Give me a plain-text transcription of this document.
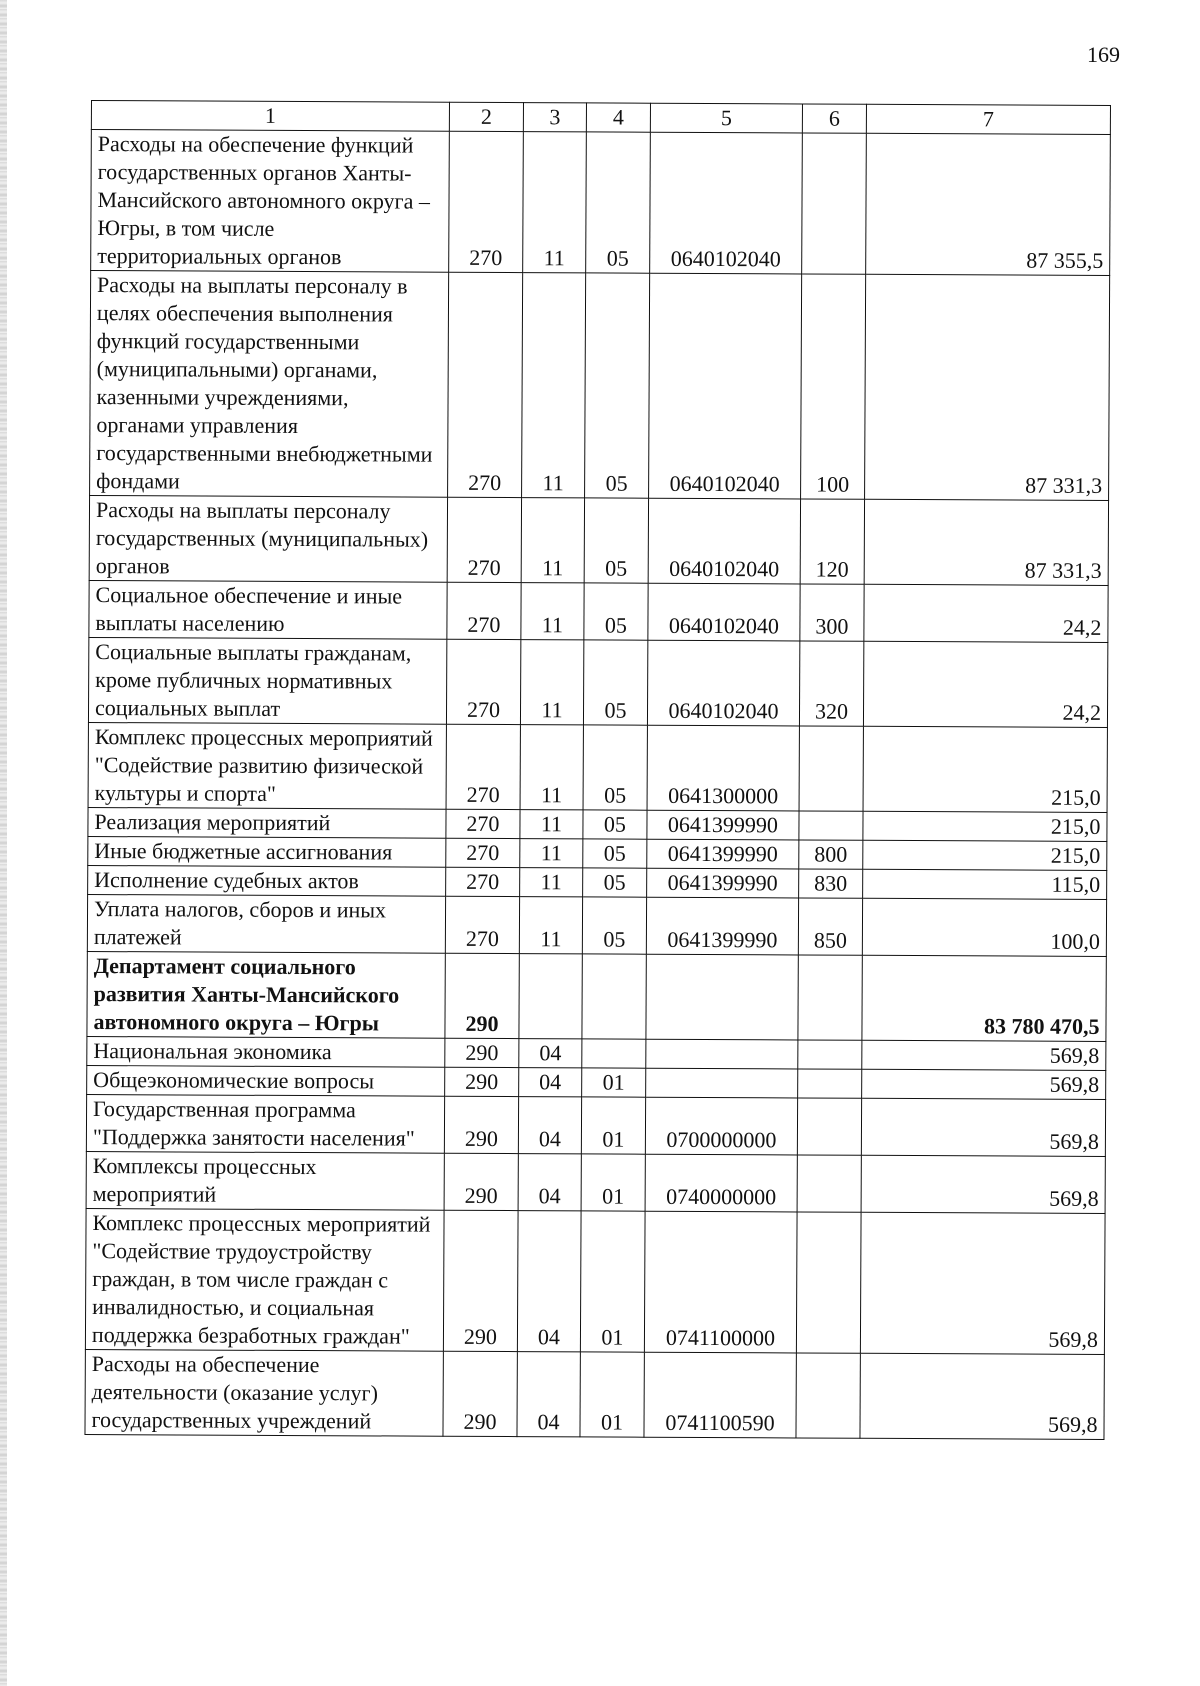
169
1	2	3	4	5	6	7
Расходы на обеспечение функций государственных органов Ханты-Мансийского автономного округа – Югры, в том числе территориальных органов	270	11	05	0640102040		87 355,5
Расходы на выплаты персоналу в целях обеспечения выполнения функций государственными (муниципальными) органами, казенными учреждениями, органами управления государственными внебюджетными фондами	270	11	05	0640102040	100	87 331,3
Расходы на выплаты персоналу государственных (муниципальных) органов	270	11	05	0640102040	120	87 331,3
Социальное обеспечение и иные выплаты населению	270	11	05	0640102040	300	24,2
Социальные выплаты гражданам, кроме публичных нормативных социальных выплат	270	11	05	0640102040	320	24,2
Комплекс процессных мероприятий "Содействие развитию физической культуры и спорта"	270	11	05	0641300000		215,0
Реализация мероприятий	270	11	05	0641399990		215,0
Иные бюджетные ассигнования	270	11	05	0641399990	800	215,0
Исполнение судебных актов	270	11	05	0641399990	830	115,0
Уплата налогов, сборов и иных платежей	270	11	05	0641399990	850	100,0
Департамент социального развития Ханты-Мансийского автономного округа – Югры	290					83 780 470,5
Национальная экономика	290	04				569,8
Общеэкономические вопросы	290	04	01			569,8
Государственная программа "Поддержка занятости населения"	290	04	01	0700000000		569,8
Комплексы процессных мероприятий	290	04	01	0740000000		569,8
Комплекс процессных мероприятий "Содействие трудоустройству граждан, в том числе граждан с инвалидностью, и социальная поддержка безработных граждан"	290	04	01	0741100000		569,8
Расходы на обеспечение деятельности (оказание услуг) государственных учреждений	290	04	01	0741100590		569,8
